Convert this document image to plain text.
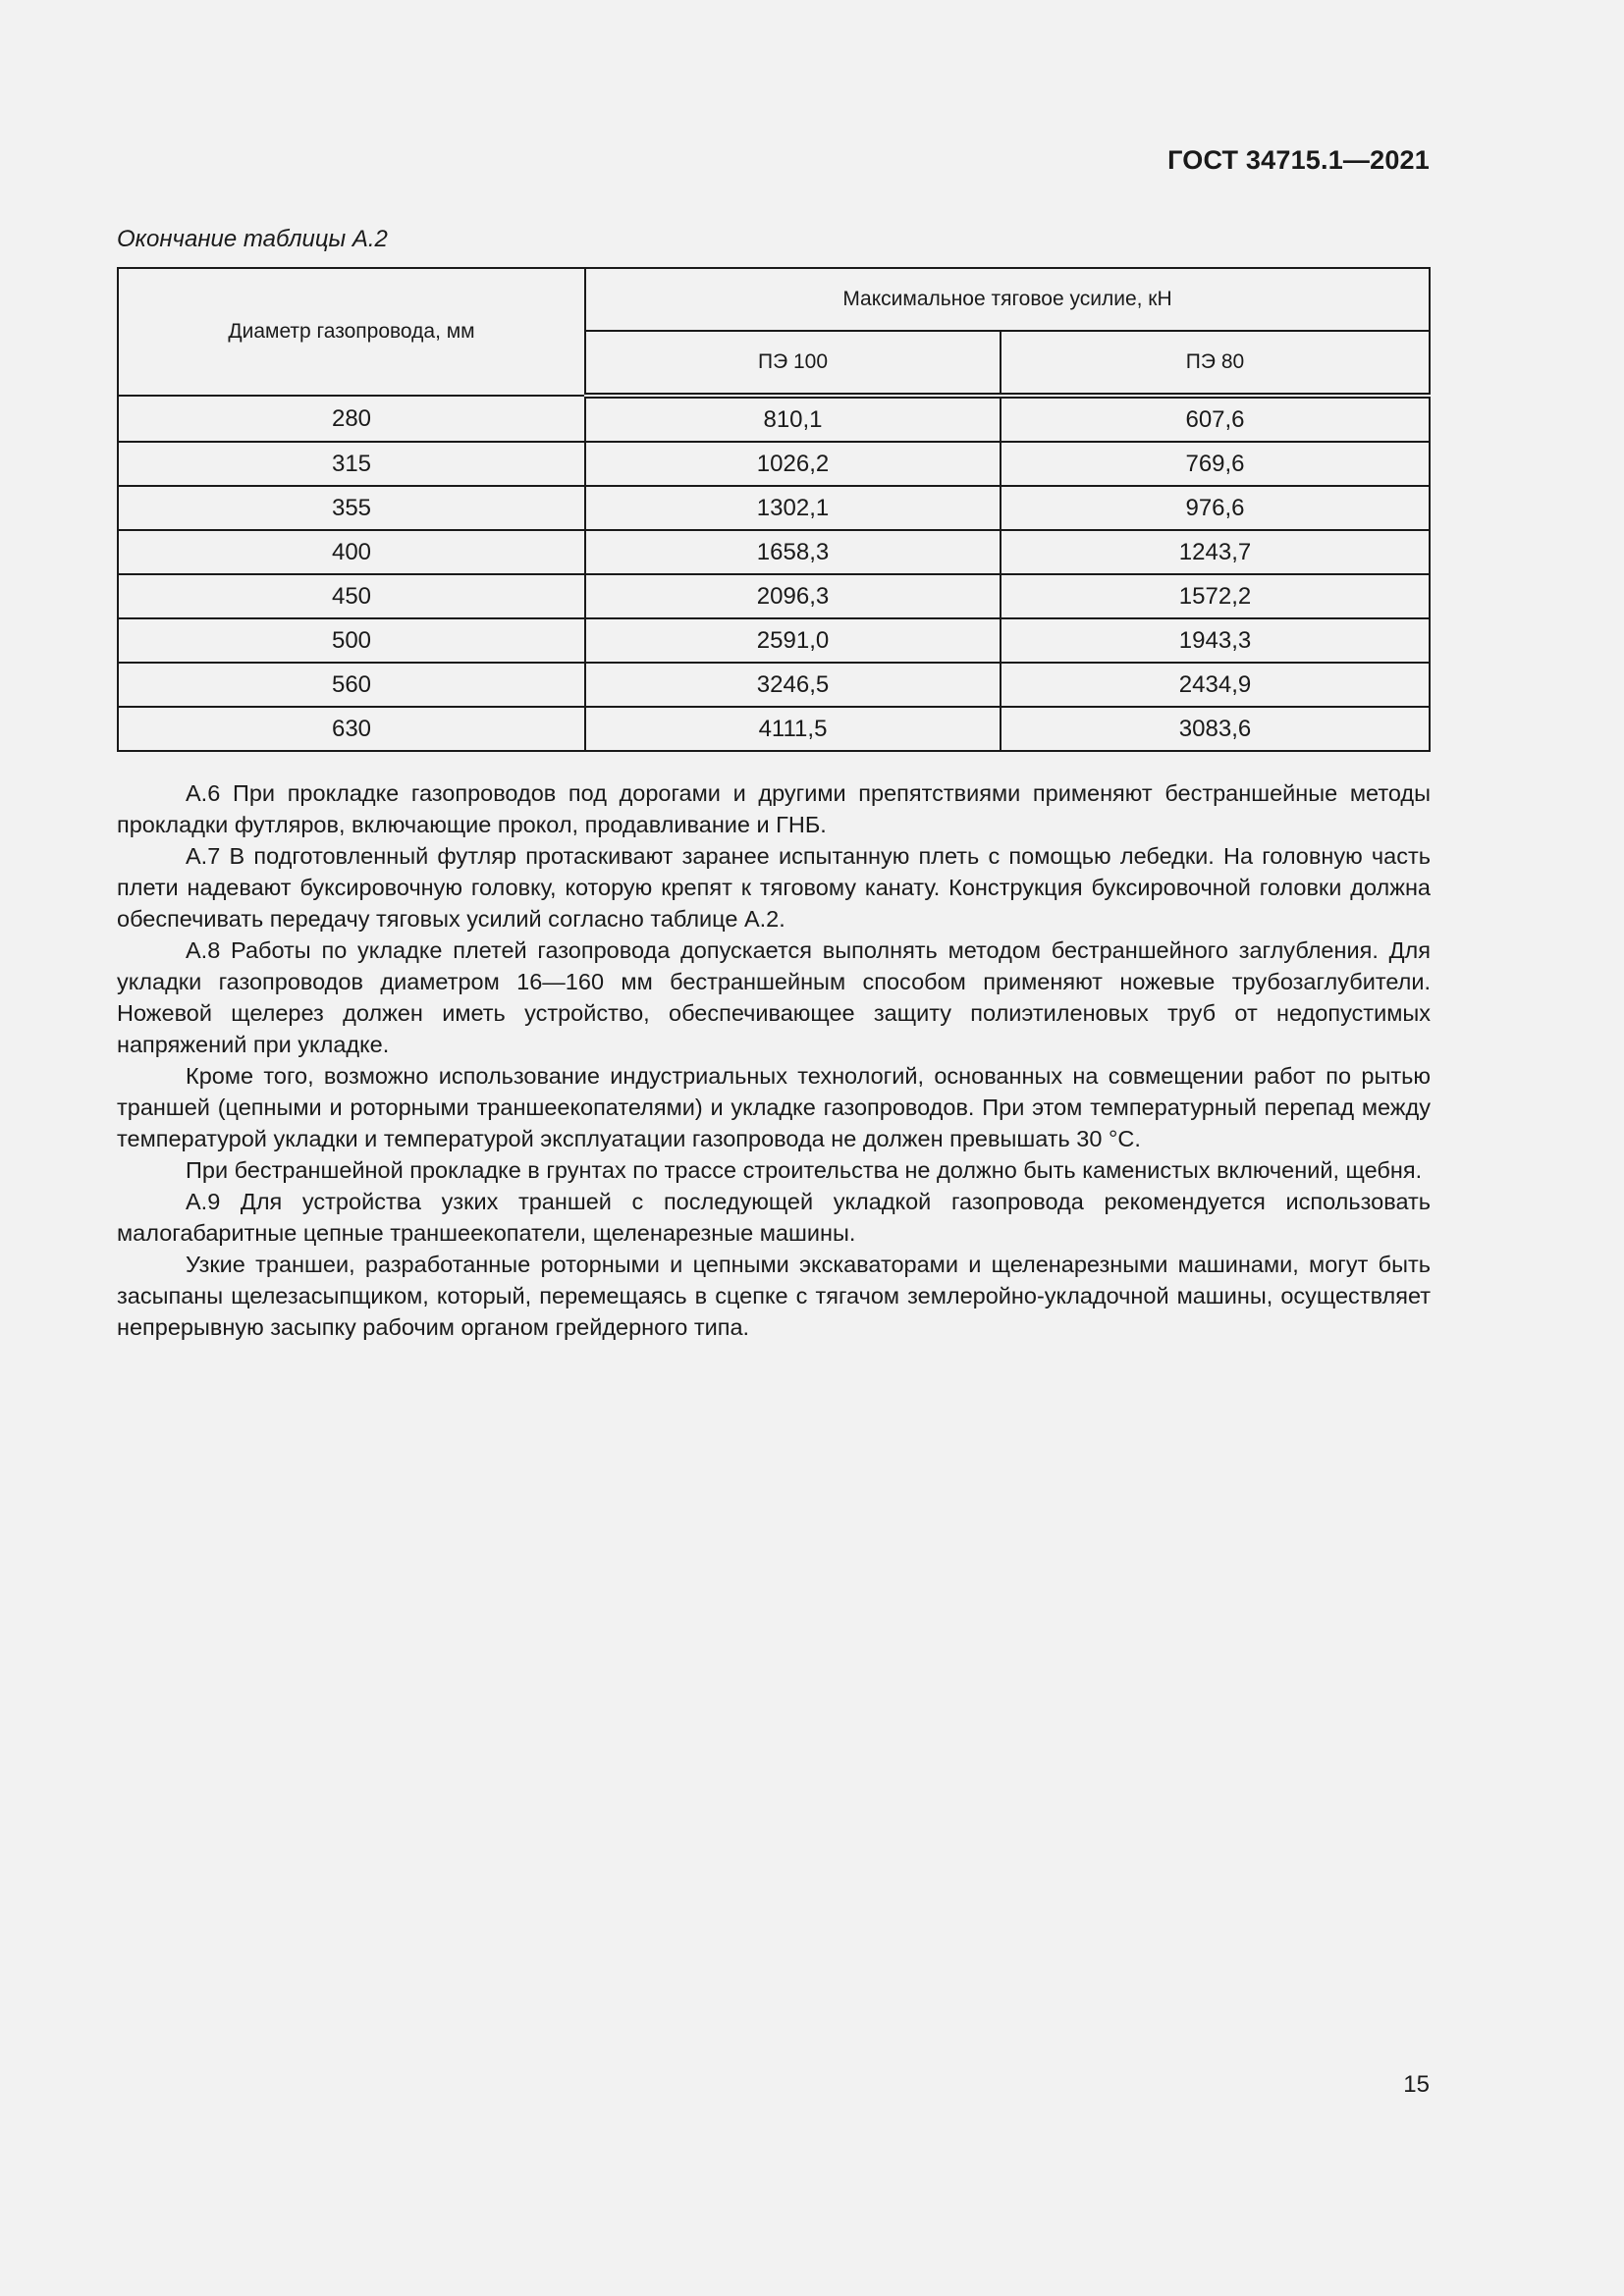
ГОСТ 34715.1—2021
Окончание таблицы А.2
Диаметр газопровода, мм	Максимальное тяговое усилие, кН	
	ПЭ 100	ПЭ 80
280	810,1	607,6
315	1026,2	769,6
355	1302,1	976,6
400	1658,3	1243,7
450	2096,3	1572,2
500	2591,0	1943,3
560	3246,5	2434,9
630	4111,5	3083,6

А.6 При прокладке газопроводов под дорогами и другими препятствиями применяют бестраншейные методы прокладки футляров, включающие прокол, продавливание и ГНБ.

А.7 В подготовленный футляр протаскивают заранее испытанную плеть с помощью лебедки. На головную часть плети надевают буксировочную головку, которую крепят к тяговому канату. Конструкция буксировочной головки должна обеспечивать передачу тяговых усилий согласно таблице А.2.

А.8 Работы по укладке плетей газопровода допускается выполнять методом бестраншейного заглубления. Для укладки газопроводов диаметром 16—160 мм бестраншейным способом применяют ножевые трубозаглубители. Ножевой щелерез должен иметь устройство, обеспечивающее защиту полиэтиленовых труб от недопустимых напряжений при укладке.

Кроме того, возможно использование индустриальных технологий, основанных на совмещении работ по рытью траншей (цепными и роторными траншеекопателями) и укладке газопроводов. При этом температурный перепад между температурой укладки и температурой эксплуатации газопровода не должен превышать 30 °С.

При бестраншейной прокладке в грунтах по трассе строительства не должно быть каменистых включений, щебня.

А.9 Для устройства узких траншей с последующей укладкой газопровода рекомендуется использовать малогабаритные цепные траншеекопатели, щеленарезные машины.

Узкие траншеи, разработанные роторными и цепными экскаваторами и щеленарезными машинами, могут быть засыпаны щелезасыпщиком, который, перемещаясь в сцепке с тягачом землеройно-укладочной машины, осуществляет непрерывную засыпку рабочим органом грейдерного типа.

15
